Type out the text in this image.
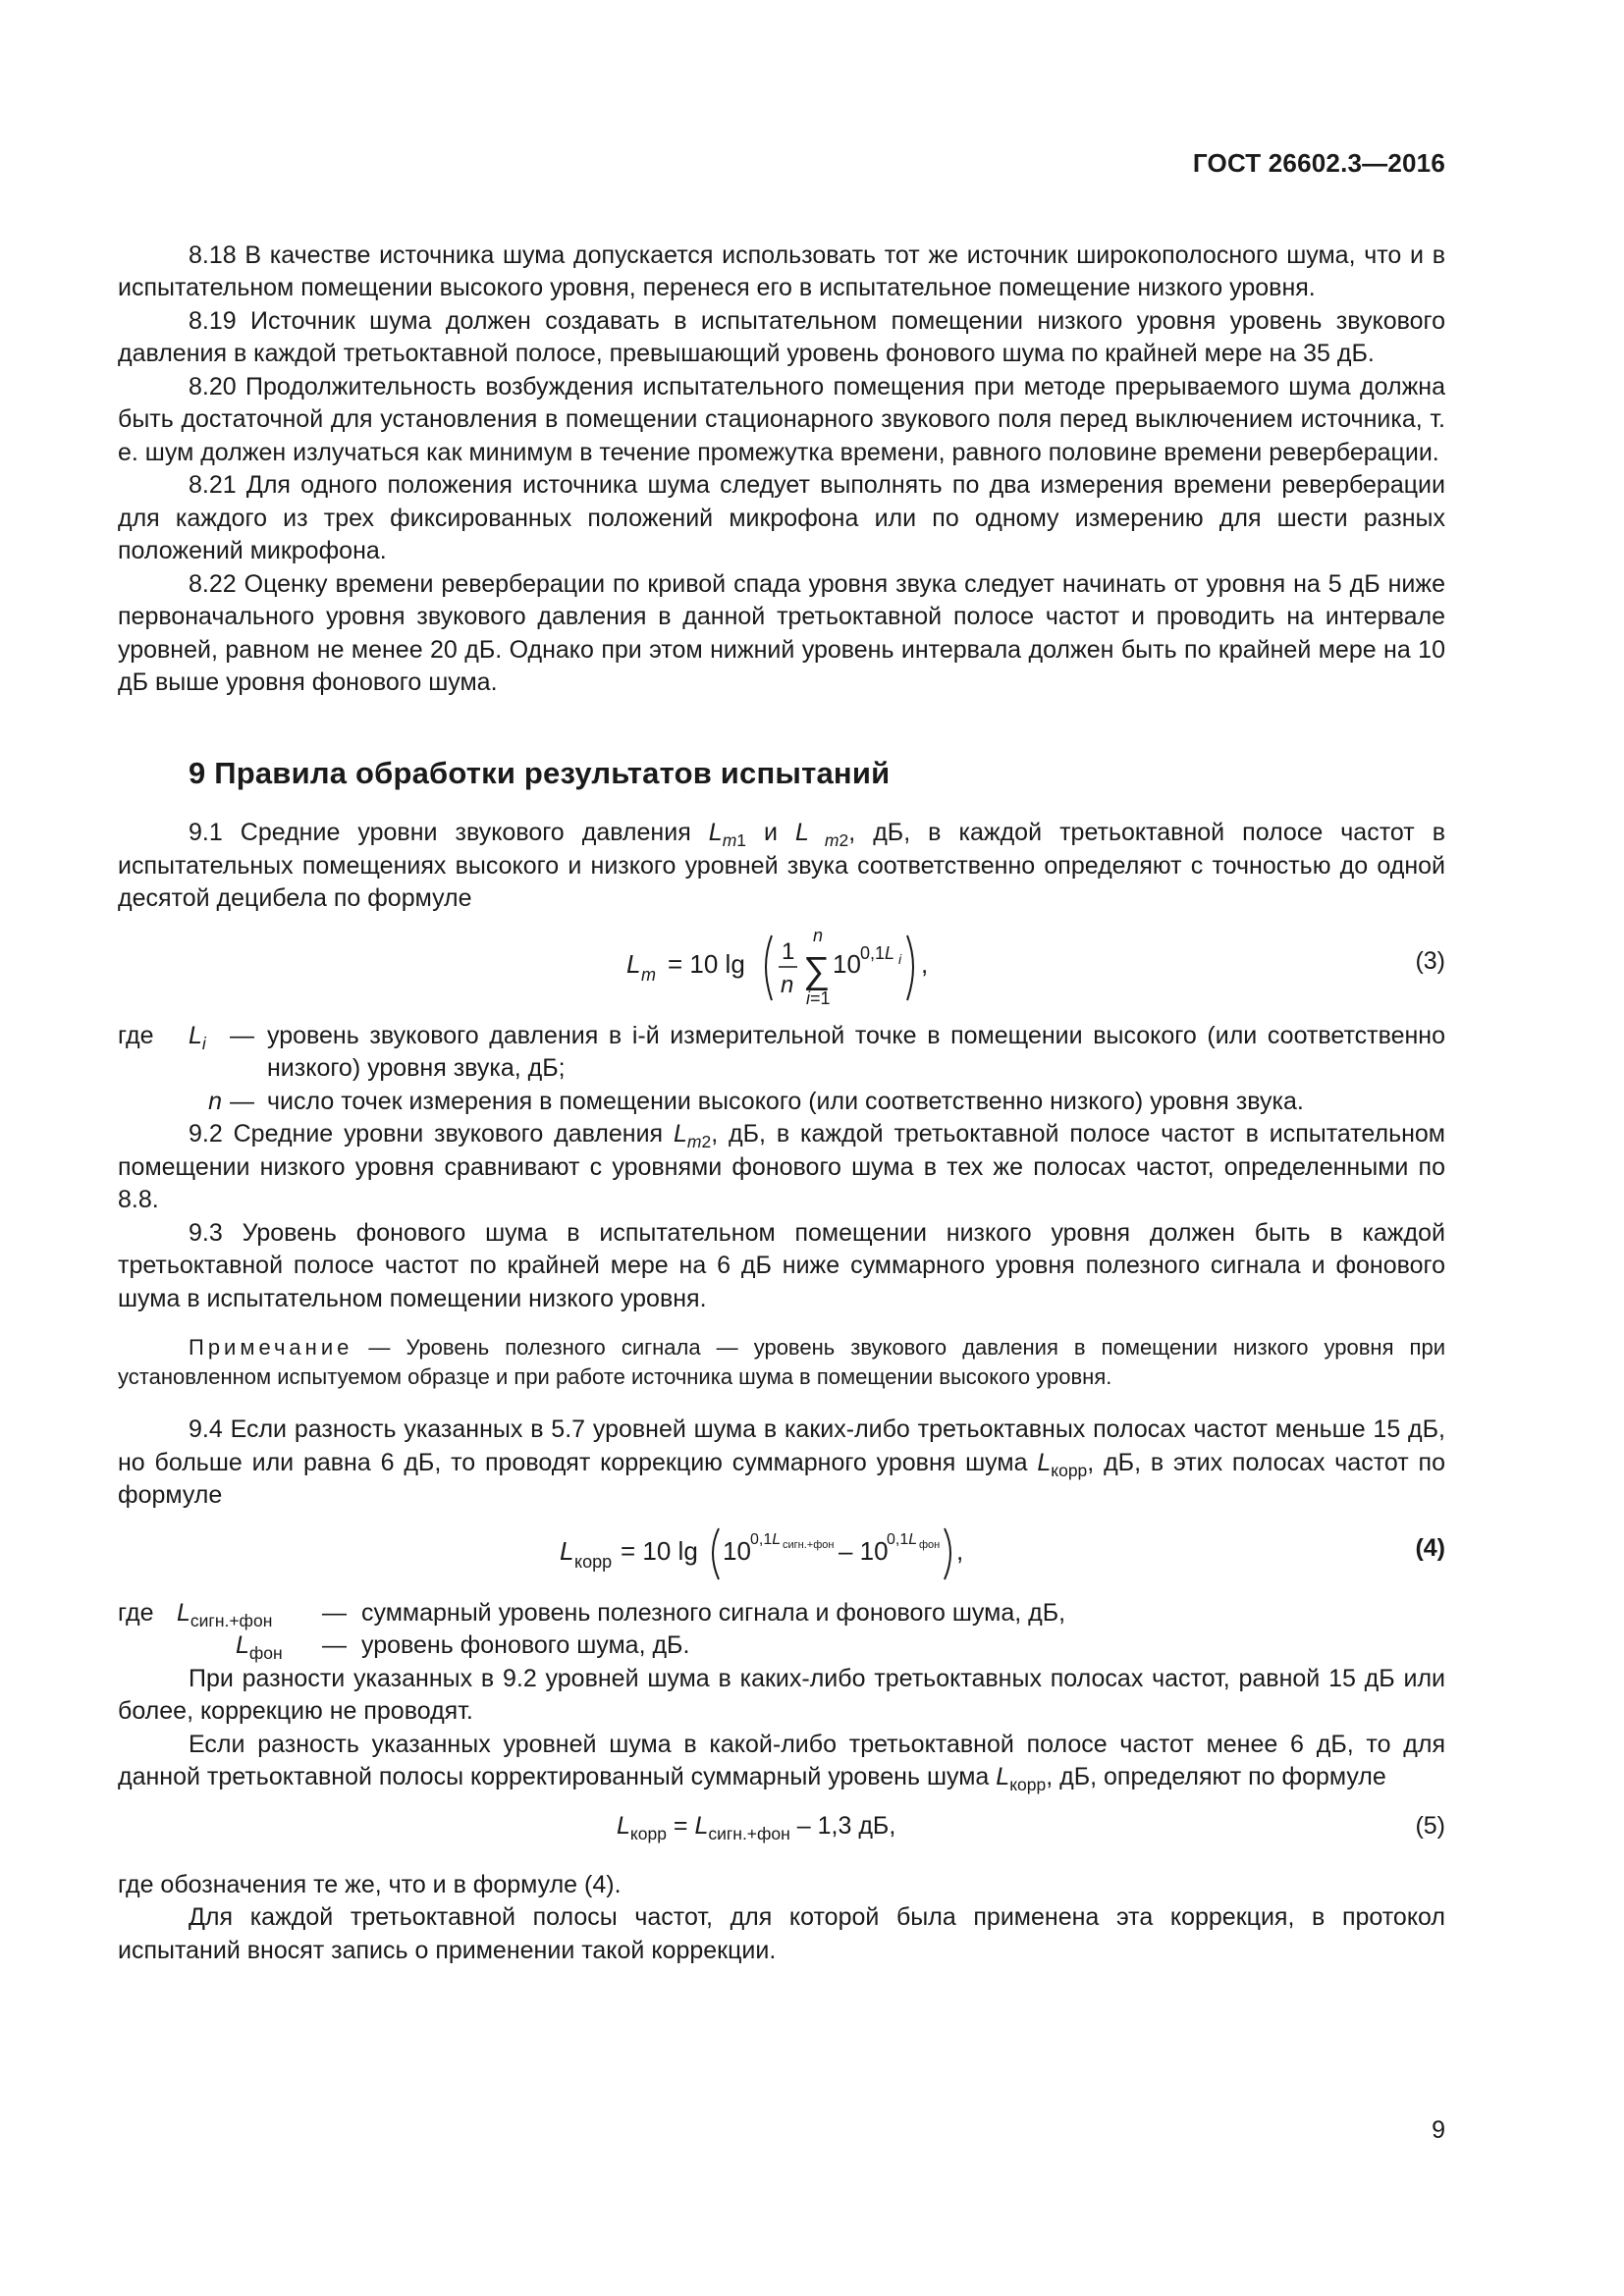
ГОСТ 26602.3—2016

8.18 В качестве источника шума допускается использовать тот же источник широкополосного шума, что и в испытательном помещении высокого уровня, перенеся его в испытательное помещение низкого уровня.

8.19 Источник шума должен создавать в испытательном помещении низкого уровня уровень звукового давления в каждой третьоктавной полосе, превышающий уровень фонового шума по крайней мере на 35 дБ.

8.20 Продолжительность возбуждения испытательного помещения при методе прерываемого шума должна быть достаточной для установления в помещении стационарного звукового поля перед выключением источника, т. е. шум должен излучаться как минимум в течение промежутка времени, равного половине времени реверберации.

8.21 Для одного положения источника шума следует выполнять по два измерения времени реверберации для каждого из трех фиксированных положений микрофона или по одному измерению для шести разных положений микрофона.

8.22 Оценку времени реверберации по кривой спада уровня звука следует начинать от уровня на 5 дБ ниже первоначального уровня звукового давления в данной третьоктавной полосе частот и проводить на интервале уровней, равном не менее 20 дБ. Однако при этом нижний уровень интервала должен быть по крайней мере на 10 дБ выше уровня фонового шума.

9 Правила обработки результатов испытаний

9.1 Средние уровни звукового давления $L_{m1}$ и L $_{m2}$, дБ, в каждой третьоктавной полосе частот в испытательных помещениях высокого и низкого уровней звука соответственно определяют с точностью до одной десятой децибела по формуле

L m = 10 lg 1
n ∑
n
i=1
10 0,1L i ,	(3)
где	$L_i$	—	уровень звукового давления в i-й измерительной точке в помещении высокого (или соответственно низкого) уровня звука, дБ;
	n	—	число точек измерения в помещении высокого (или соответственно низкого) уровня звука.

9.2 Средние уровни звукового давления $L_{m2}$, дБ, в каждой третьоктавной полосе частот в испытательном помещении низкого уровня сравнивают с уровнями фонового шума в тех же полосах частот, определенными по 8.8.

9.3 Уровень фонового шума в испытательном помещении низкого уровня должен быть в каждой третьоктавной полосе частот по крайней мере на 6 дБ ниже суммарного уровня полезного сигнала и фонового шума в испытательном помещении низкого уровня.

Примечание — Уровень полезного сигнала — уровень звукового давления в помещении низкого уровня при установленном испытуемом образце и при работе источника шума в помещении высокого уровня.

9.4 Если разность указанных в 5.7 уровней шума в каких-либо третьоктавных полосах частот меньше 15 дБ, но больше или равна 6 дБ, то проводят коррекцию суммарного уровня шума $L_{корр}$, дБ, в этих полосах частот по формуле

L корр = 10 lg 10 0,1L сигн.+фон – 10
0,1L фон ,	(4)
где	$L_{сигн.+фон}$	—	суммарный уровень полезного сигнала и фонового шума, дБ,
	$L_{фон}$	—	уровень фонового шума, дБ.

При разности указанных в 9.2 уровней шума в каких-либо третьоктавных полосах частот, равной 15 дБ или более, коррекцию не проводят.

Если разность указанных уровней шума в какой-либо третьоктавной полосе частот менее 6 дБ, то для данной третьоктавной полосы корректированный суммарный уровень шума $L_{корр}$, дБ, определяют по формуле

$L_{корр} = L_{сигн.+фон} - 1,3$ дБ,	(5)

где обозначения те же, что и в формуле (4).

Для каждой третьоктавной полосы частот, для которой была применена эта коррекция, в протокол испытаний вносят запись о применении такой коррекции.

9
